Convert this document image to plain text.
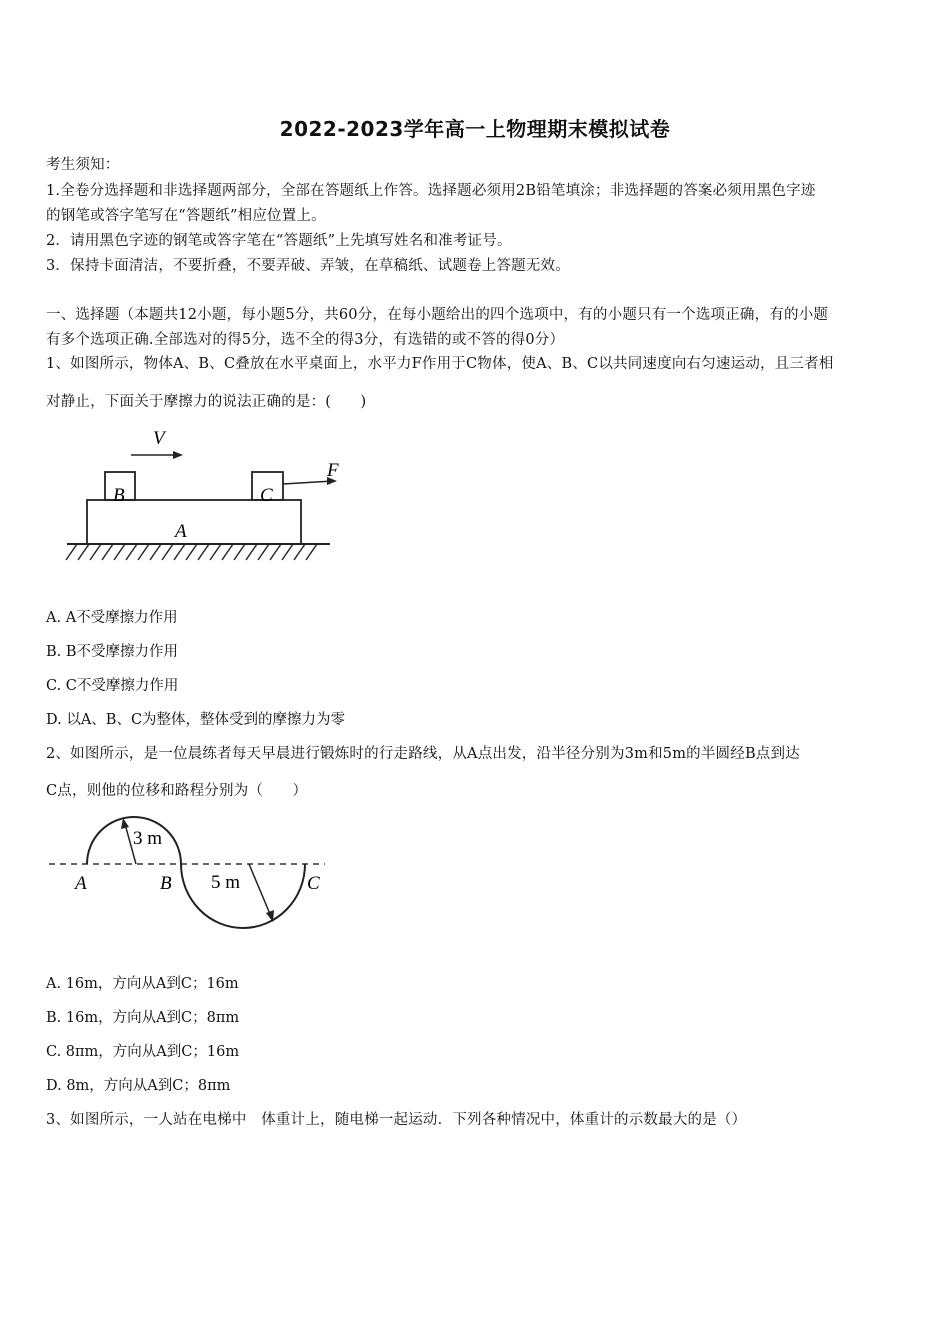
2022-2023学年高一上物理期末模拟试卷
考生须知：
1.全卷分选择题和非选择题两部分，全部在答题纸上作答。选择题必须用2B铅笔填涂；非选择题的答案必须用黑色字迹
的钢笔或答字笔写在“答题纸”相应位置上。
2．请用黑色字迹的钢笔或答字笔在“答题纸”上先填写姓名和准考证号。
3．保持卡面清洁，不要折叠，不要弄破、弄皱，在草稿纸、试题卷上答题无效。
一、选择题（本题共12小题，每小题5分，共60分，在每小题给出的四个选项中，有的小题只有一个选项正确，有的小题
有多个选项正确.全部选对的得5分，选不全的得3分，有选错的或不答的得0分）
1、如图所示，物体A、B、C叠放在水平桌面上，水平力F作用于C物体，使A、B、C以共同速度向右匀速运动，且三者相
对静止，下面关于摩擦力的说法正确的是：(　　)
V
A
B	C
F
A. A不受摩擦力作用
B. B不受摩擦力作用
C. C不受摩擦力作用
D. 以A、B、C为整体，整体受到的摩擦力为零
2、如图所示，是一位晨练者每天早晨进行锻炼时的行走路线，从A点出发，沿半径分别为3m和5m的半圆经B点到达
C点，则他的位移和路程分别为（　　）
3 m
5 m
A	B	C
A. 16m，方向从A到C；16m
B. 16m，方向从A到C；8πm
C. 8πm，方向从A到C；16m
D. 8m，方向从A到C；8πm
3、如图所示，一人站在电梯中　体重计上，随电梯一起运动．下列各种情况中，体重计的示数最大的是（）
